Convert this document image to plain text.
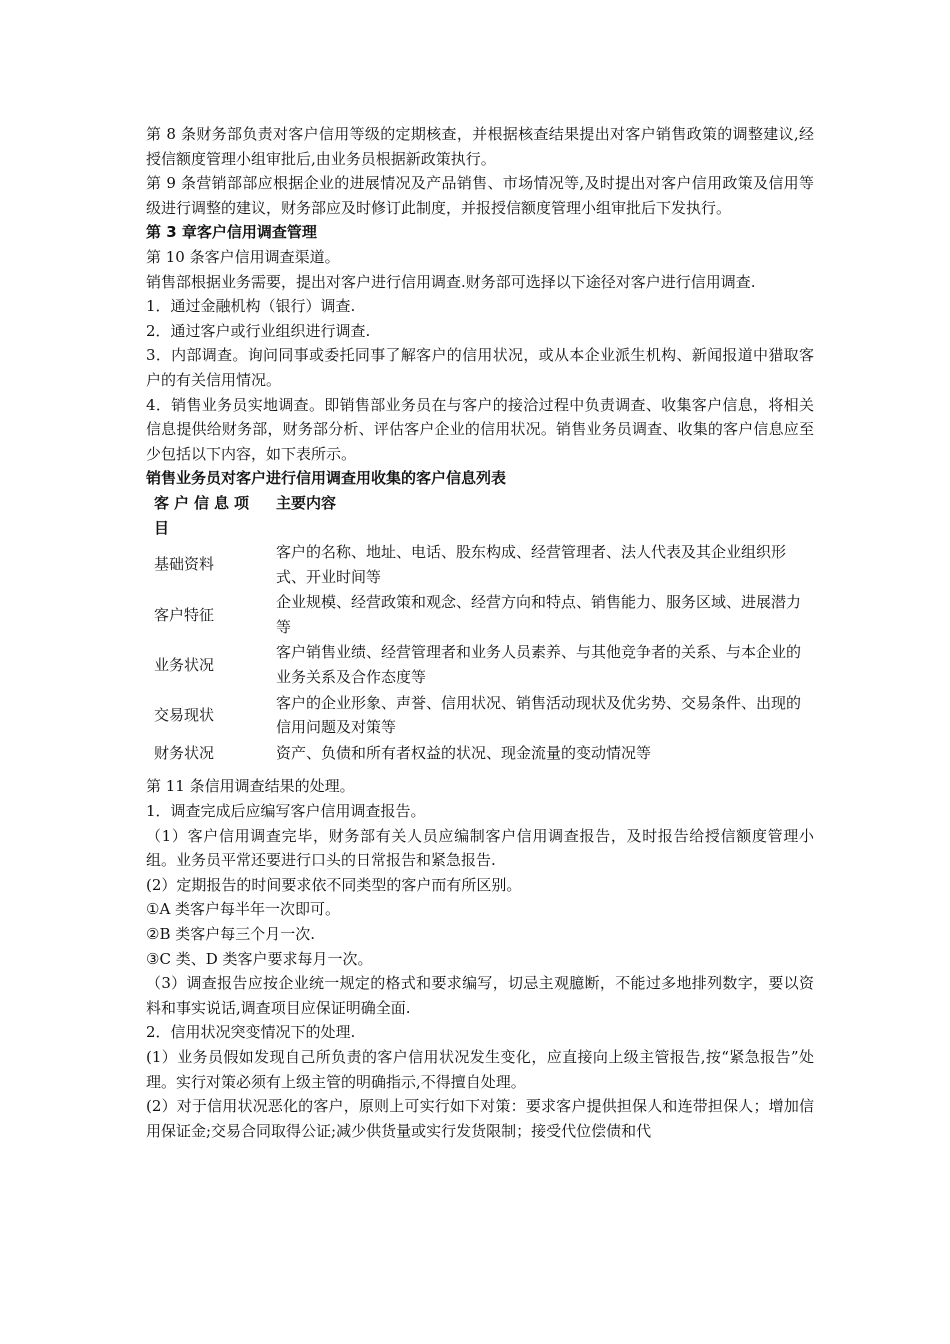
第 8 条财务部负责对客户信用等级的定期核查，并根据核查结果提出对客户销售政策的调整建议,经授信额度管理小组审批后,由业务员根据新政策执行。

第 9 条营销部部应根据企业的进展情况及产品销售、市场情况等,及时提出对客户信用政策及信用等级进行调整的建议，财务部应及时修订此制度，并报授信额度管理小组审批后下发执行。

第 3 章客户信用调查管理

第 10 条客户信用调查渠道。

销售部根据业务需要，提出对客户进行信用调查.财务部可选择以下途径对客户进行信用调查.

1．通过金融机构（银行）调查.

2．通过客户或行业组织进行调查.

3．内部调查。询问同事或委托同事了解客户的信用状况，或从本企业派生机构、新闻报道中猎取客户的有关信用情况。

4．销售业务员实地调查。即销售部业务员在与客户的接洽过程中负责调查、收集客户信息，将相关信息提供给财务部，财务部分析、评估客户企业的信用状况。销售业务员调查、收集的客户信息应至少包括以下内容，如下表所示。

销售业务员对客户进行信用调查用收集的客户信息列表

客户信息项目	主要内容
基础资料	客户的名称、地址、电话、股东构成、经营管理者、法人代表及其企业组织形式、开业时间等
客户特征	企业规模、经营政策和观念、经营方向和特点、销售能力、服务区域、进展潜力等
业务状况	客户销售业绩、经营管理者和业务人员素养、与其他竞争者的关系、与本企业的业务关系及合作态度等
交易现状	客户的企业形象、声誉、信用状况、销售活动现状及优劣势、交易条件、出现的信用问题及对策等
财务状况	资产、负债和所有者权益的状况、现金流量的变动情况等

第 11 条信用调查结果的处理。

1．调查完成后应编写客户信用调查报告。

（1）客户信用调查完毕，财务部有关人员应编制客户信用调查报告，及时报告给授信额度管理小组。业务员平常还要进行口头的日常报告和紧急报告.

(2）定期报告的时间要求依不同类型的客户而有所区别。

①A 类客户每半年一次即可。

②B 类客户每三个月一次.

③C 类、D 类客户要求每月一次。

（3）调查报告应按企业统一规定的格式和要求编写，切忌主观臆断，不能过多地排列数字，要以资料和事实说话,调查项目应保证明确全面.

2．信用状况突变情况下的处理.

(1）业务员假如发现自己所负责的客户信用状况发生变化，应直接向上级主管报告,按“紧急报告”处理。实行对策必须有上级主管的明确指示,不得擅自处理。

(2）对于信用状况恶化的客户，原则上可实行如下对策：要求客户提供担保人和连带担保人；增加信用保证金;交易合同取得公证;减少供货量或实行发货限制；接受代位偿债和代
